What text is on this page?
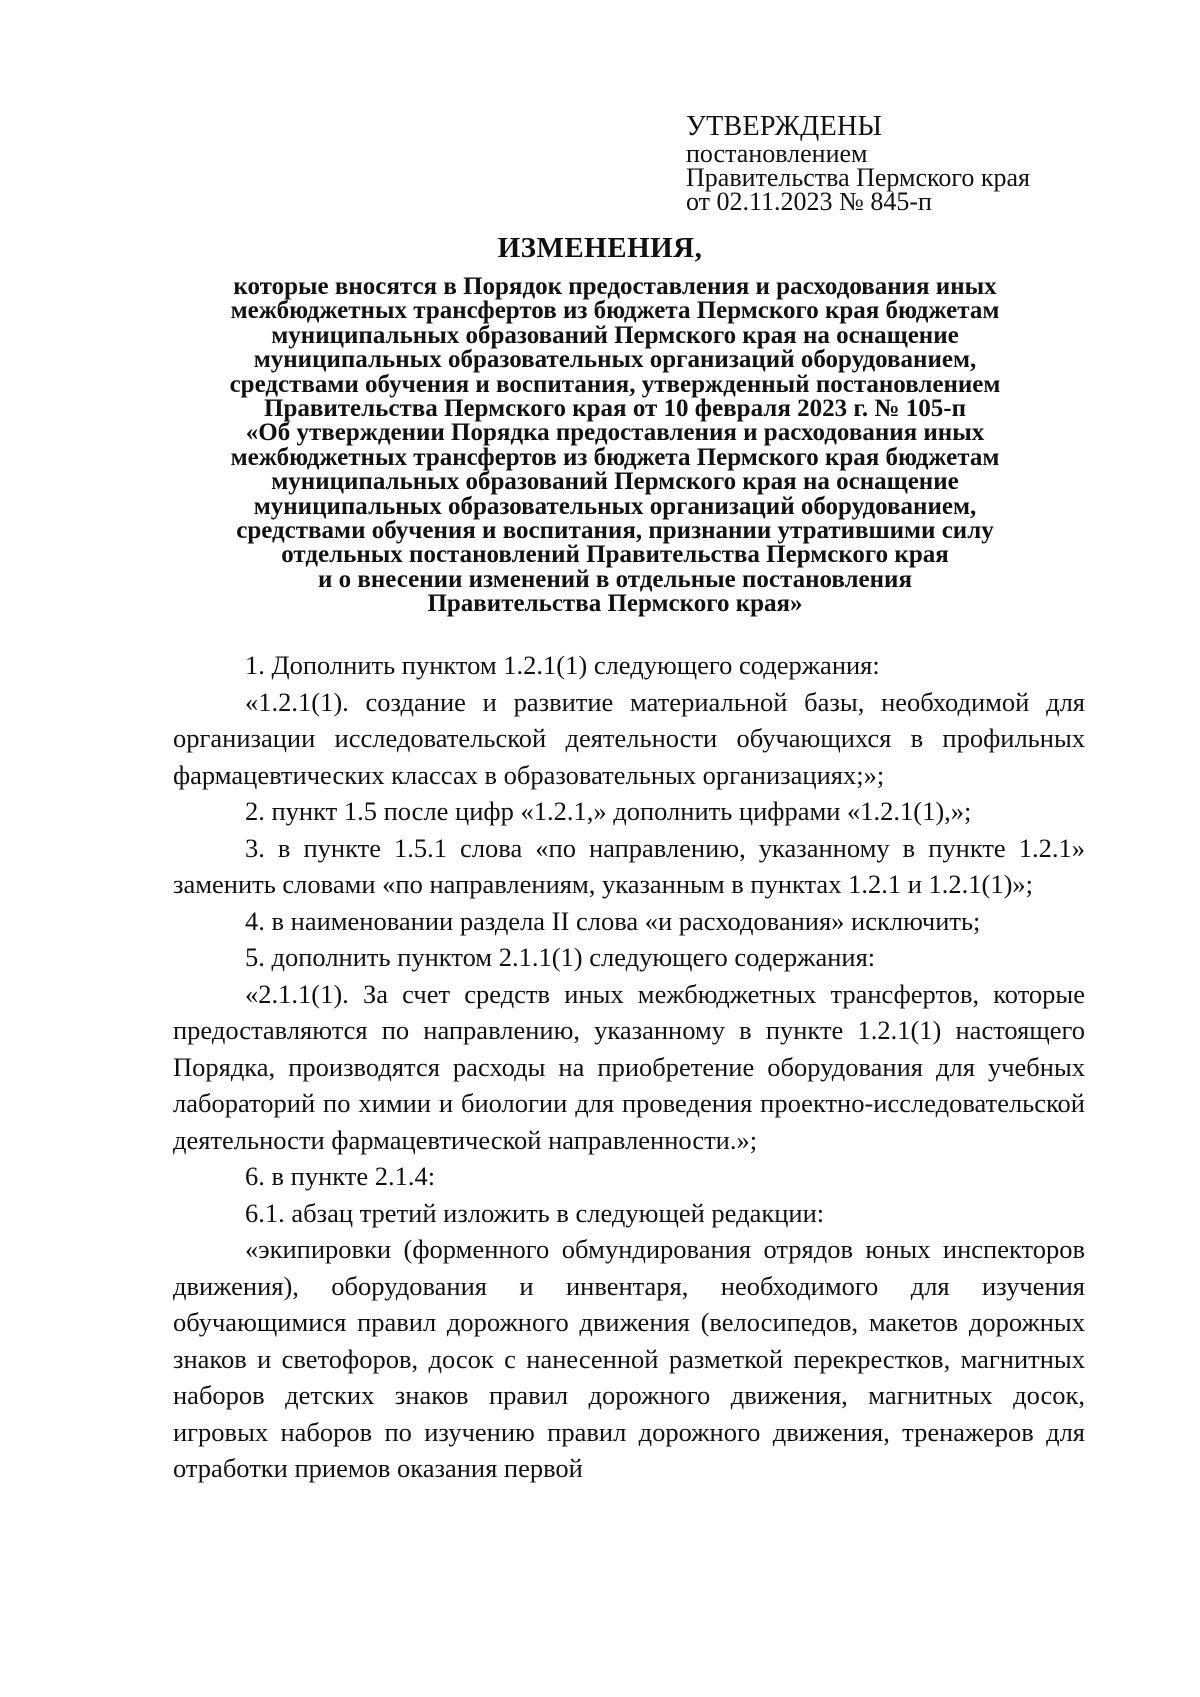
УТВЕРЖДЕНЫ
постановлением
Правительства Пермского края
от 02.11.2023 № 845-п
ИЗМЕНЕНИЯ,
которые вносятся в Порядок предоставления и расходования иных
межбюджетных трансфертов из бюджета Пермского края бюджетам
муниципальных образований Пермского края на оснащение
муниципальных образовательных организаций оборудованием,
средствами обучения и воспитания, утвержденный постановлением
Правительства Пермского края от 10 февраля 2023 г. № 105-п
«Об утверждении Порядка предоставления и расходования иных
межбюджетных трансфертов из бюджета Пермского края бюджетам
муниципальных образований Пермского края на оснащение
муниципальных образовательных организаций оборудованием,
средствами обучения и воспитания, признании утратившими силу
отдельных постановлений Правительства Пермского края
и о внесении изменений в отдельные постановления
Правительства Пермского края»

1. Дополнить пунктом 1.2.1(1) следующего содержания:

«1.2.1(1). создание и развитие материальной базы, необходимой для организации исследовательской деятельности обучающихся в профильных фармацевтических классах в образовательных организациях;»;

2. пункт 1.5 после цифр «1.2.1,» дополнить цифрами «1.2.1(1),»;

3. в пункте 1.5.1 слова «по направлению, указанному в пункте 1.2.1» заменить словами «по направлениям, указанным в пунктах 1.2.1 и 1.2.1(1)»;

4. в наименовании раздела II слова «и расходования» исключить;

5. дополнить пунктом 2.1.1(1) следующего содержания:

«2.1.1(1). За счет средств иных межбюджетных трансфертов, которые предоставляются по направлению, указанному в пункте 1.2.1(1) настоящего Порядка, производятся расходы на приобретение оборудования для учебных лабораторий по химии и биологии для проведения проектно-исследовательской деятельности фармацевтической направленности.»;

6. в пункте 2.1.4:

6.1. абзац третий изложить в следующей редакции:

«экипировки (форменного обмундирования отрядов юных инспекторов движения), оборудования и инвентаря, необходимого для изучения обучающимися правил дорожного движения (велосипедов, макетов дорожных знаков и светофоров, досок с нанесенной разметкой перекрестков, магнитных наборов детских знаков правил дорожного движения, магнитных досок, игровых наборов по изучению правил дорожного движения, тренажеров для отработки приемов оказания первой
